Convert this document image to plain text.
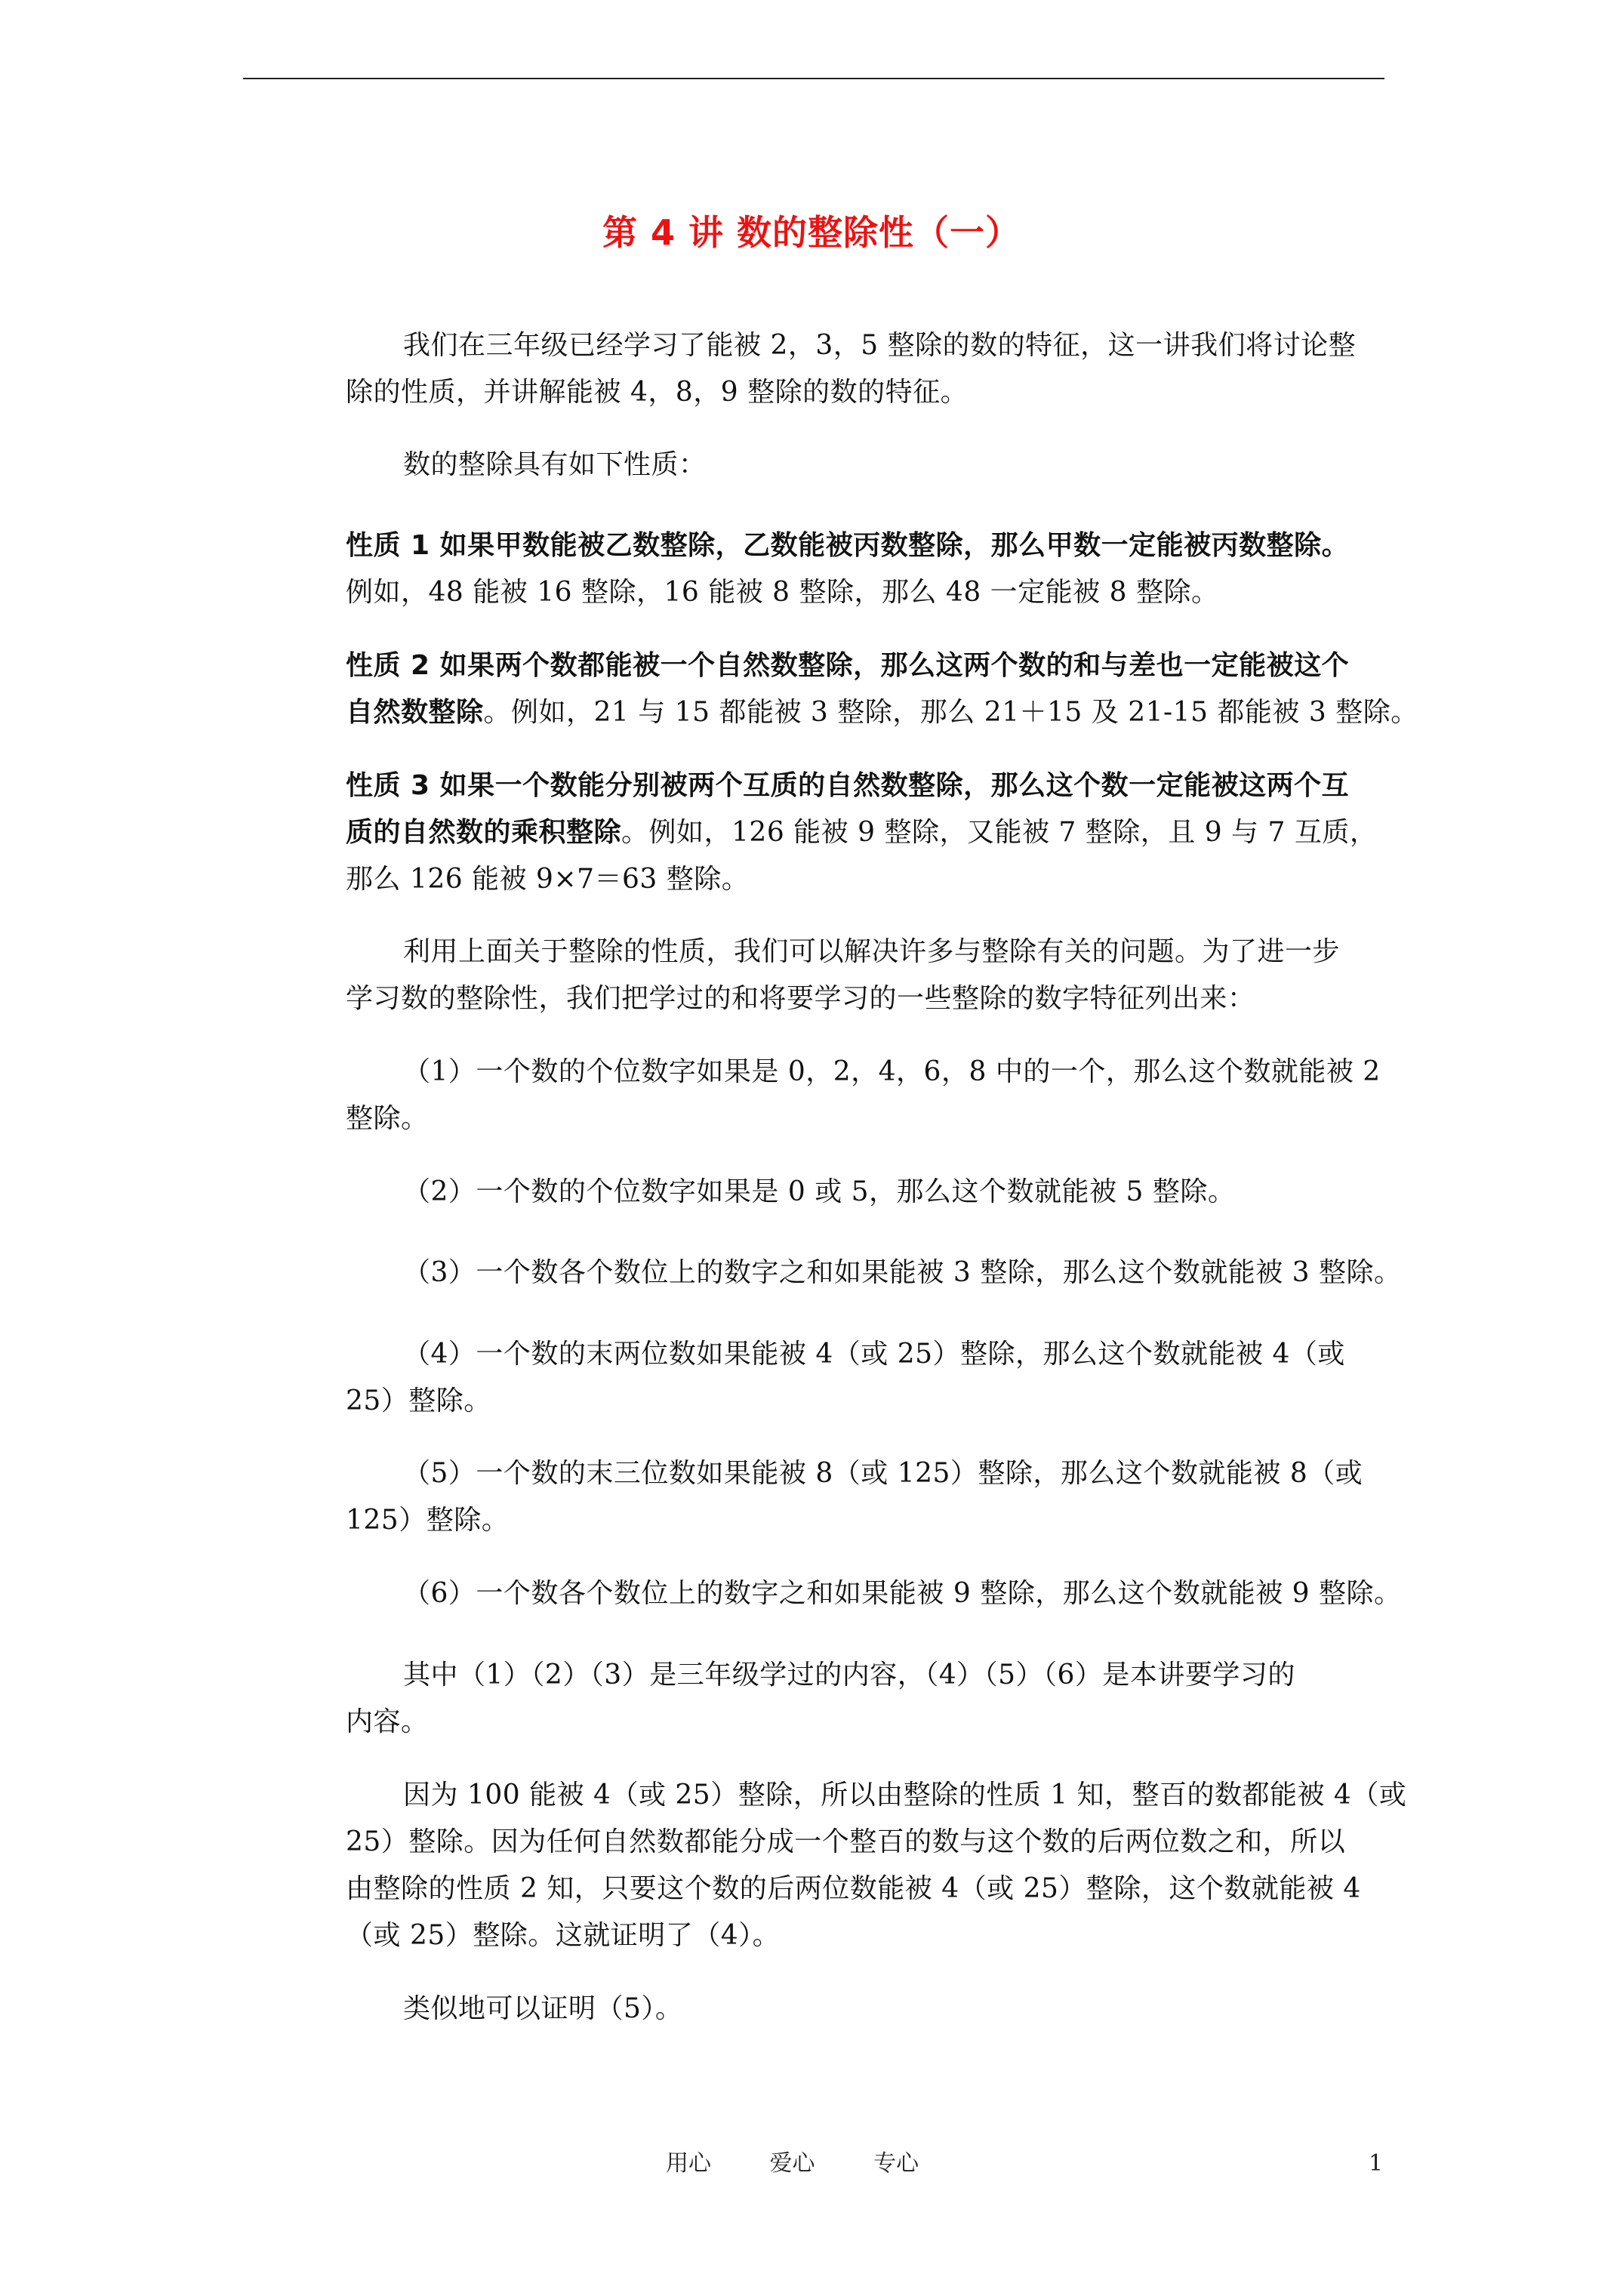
第 4 讲 数的整除性（一）
我们在三年级已经学习了能被 2，3，5 整除的数的特征，这一讲我们将讨论整
除的性质，并讲解能被 4，8，9 整除的数的特征。
数的整除具有如下性质：
性质 1 如果甲数能被乙数整除，乙数能被丙数整除，那么甲数一定能被丙数整除。
例如，48 能被 16 整除，16 能被 8 整除，那么 48 一定能被 8 整除。
性质 2 如果两个数都能被一个自然数整除，那么这两个数的和与差也一定能被这个
自然数整除。例如，21 与 15 都能被 3 整除，那么 21＋15 及 21-15 都能被 3 整除。
性质 3 如果一个数能分别被两个互质的自然数整除，那么这个数一定能被这两个互
质的自然数的乘积整除。例如，126 能被 9 整除，又能被 7 整除，且 9 与 7 互质，
那么 126 能被 9×7＝63 整除。
利用上面关于整除的性质，我们可以解决许多与整除有关的问题。为了进一步
学习数的整除性，我们把学过的和将要学习的一些整除的数字特征列出来：
（1）一个数的个位数字如果是 0，2，4，6，8 中的一个，那么这个数就能被 2
整除。
（2）一个数的个位数字如果是 0 或 5，那么这个数就能被 5 整除。
（3）一个数各个数位上的数字之和如果能被 3 整除，那么这个数就能被 3 整除。
（4）一个数的末两位数如果能被 4（或 25）整除，那么这个数就能被 4（或
25）整除。
（5）一个数的末三位数如果能被 8（或 125）整除，那么这个数就能被 8（或
125）整除。
（6）一个数各个数位上的数字之和如果能被 9 整除，那么这个数就能被 9 整除。
其中（1）（2）（3）是三年级学过的内容，（4）（5）（6）是本讲要学习的
内容。
因为 100 能被 4（或 25）整除，所以由整除的性质 1 知，整百的数都能被 4（或
25）整除。因为任何自然数都能分成一个整百的数与这个数的后两位数之和，所以
由整除的性质 2 知，只要这个数的后两位数能被 4（或 25）整除，这个数就能被 4
（或 25）整除。这就证明了（4）。
类似地可以证明（5）。
用心	爱心	专心	1
